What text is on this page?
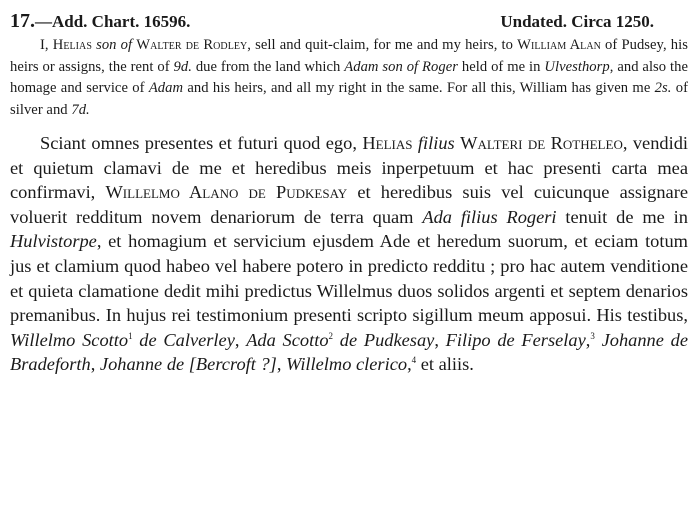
17.—Add. Chart. 16596.	Undated. Circa 1250.

I, Helias son of Walter de Rodley, sell and quit-claim, for me and my heirs, to William Alan of Pudsey, his heirs or assigns, the rent of 9d. due from the land which Adam son of Roger held of me in Ulvesthorp, and also the homage and service of Adam and his heirs, and all my right in the same. For all this, William has given me 2s. of silver and 7d.

Sciant omnes presentes et futuri quod ego, Helias filius Walteri de Rotheleo, vendidi et quietum clamavi de me et heredibus meis inperpetuum et hac presenti carta mea confirmavi, Willelmo Alano de Pudkesay et heredibus suis vel cuicunque assignare voluerit redditum novem denariorum de terra quam Ada filius Rogeri tenuit de me in Hulvistorpe, et homagium et servicium ejusdem Ade et heredum suorum, et eciam totum jus et clamium quod habeo vel habere potero in predicto redditu ; pro hac autem venditione et quieta clamatione dedit mihi predictus Willelmus duos solidos argenti et septem denarios premanibus. In hujus rei testimonium presenti scripto sigillum meum apposui. His testibus, Willelmo Scotto$^1$ de Calverley, Ada Scotto$^2$ de Pudkesay, Filipo de Ferselay,$^3$ Johanne de Bradeforth, Johanne de [Bercroft ?], Willelmo clerico,$^4$ et aliis.
